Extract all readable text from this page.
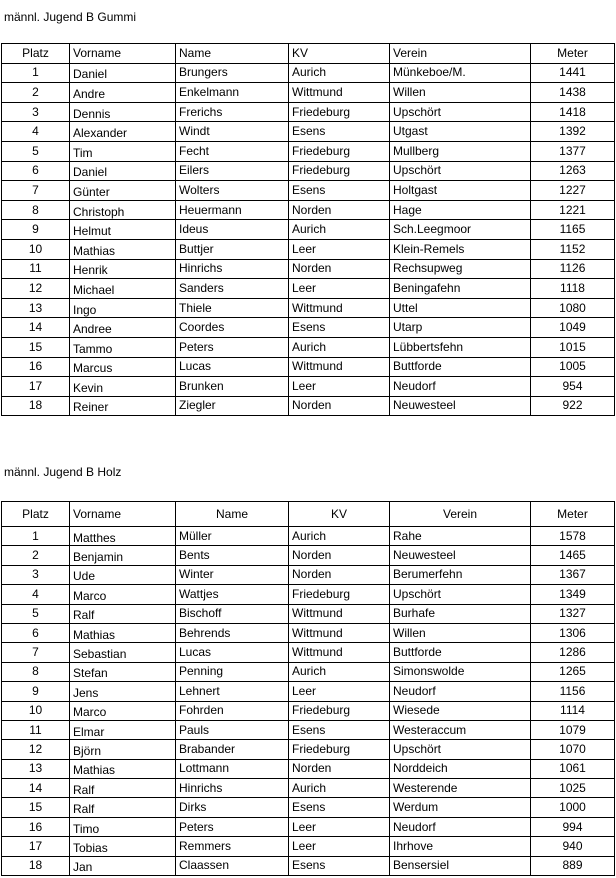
männl. Jugend B Gummi
Platz	Vorname	Name	KV	Verein	Meter
1	Daniel	Brungers	Aurich	Münkeboe/M.	1441
2	Andre	Enkelmann	Wittmund	Willen	1438
3	Dennis	Frerichs	Friedeburg	Upschört	1418
4	Alexander	Windt	Esens	Utgast	1392
5	Tim	Fecht	Friedeburg	Mullberg	1377
6	Daniel	Eilers	Friedeburg	Upschört	1263
7	Günter	Wolters	Esens	Holtgast	1227
8	Christoph	Heuermann	Norden	Hage	1221
9	Helmut	Ideus	Aurich	Sch.Leegmoor	1165
10	Mathias	Buttjer	Leer	Klein-Remels	1152
11	Henrik	Hinrichs	Norden	Rechsupweg	1126
12	Michael	Sanders	Leer	Beningafehn	1118
13	Ingo	Thiele	Wittmund	Uttel	1080
14	Andree	Coordes	Esens	Utarp	1049
15	Tammo	Peters	Aurich	Lübbertsfehn	1015
16	Marcus	Lucas	Wittmund	Buttforde	1005
17	Kevin	Brunken	Leer	Neudorf	954
18	Reiner	Ziegler	Norden	Neuwesteel	922
männl. Jugend B Holz
Platz	Vorname	Name	KV	Verein	Meter
1	Matthes	Müller	Aurich	Rahe	1578
2	Benjamin	Bents	Norden	Neuwesteel	1465
3	Ude	Winter	Norden	Berumerfehn	1367
4	Marco	Wattjes	Friedeburg	Upschört	1349
5	Ralf	Bischoff	Wittmund	Burhafe	1327
6	Mathias	Behrends	Wittmund	Willen	1306
7	Sebastian	Lucas	Wittmund	Buttforde	1286
8	Stefan	Penning	Aurich	Simonswolde	1265
9	Jens	Lehnert	Leer	Neudorf	1156
10	Marco	Fohrden	Friedeburg	Wiesede	1114
11	Elmar	Pauls	Esens	Westeraccum	1079
12	Björn	Brabander	Friedeburg	Upschört	1070
13	Mathias	Lottmann	Norden	Norddeich	1061
14	Ralf	Hinrichs	Aurich	Westerende	1025
15	Ralf	Dirks	Esens	Werdum	1000
16	Timo	Peters	Leer	Neudorf	994
17	Tobias	Remmers	Leer	Ihrhove	940
18	Jan	Claassen	Esens	Bensersiel	889
